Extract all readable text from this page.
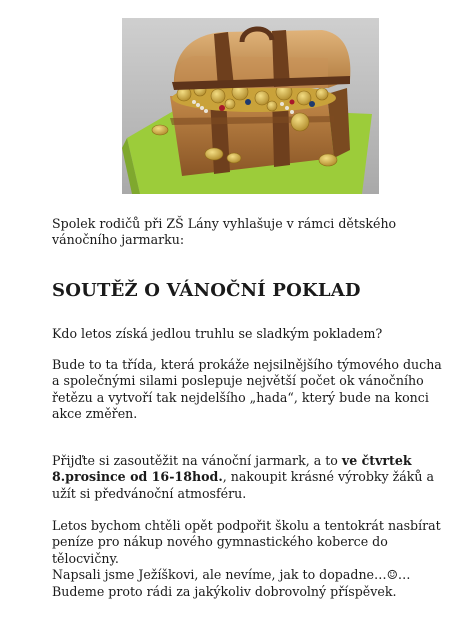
Spolek rodičů při ZŠ Lány vyhlašuje v rámci dětského vánočního jarmarku:

SOUTĚŽ O VÁNOČNÍ POKLAD

Kdo letos získá jedlou truhlu se sladkým pokladem?

Bude to ta třída, která prokáže nejsilnějšího týmového ducha a společnými silami poslepuje největší počet ok vánočního řetězu a vytvoří tak nejdelšího „hada“, který bude na konci akce změřen.

Přijďte si zasoutěžit na vánoční jarmark, a to ve čtvrtek 8.prosince od 16-18hod., nakoupit krásné výrobky žáků a užít si předvánoční atmosféru.

Letos bychom chtěli opět podpořit školu a tentokrát nasbírat peníze pro nákup nového gymnastického koberce do tělocvičny.
Napsali jsme Ježíškovi, ale nevíme, jak to dopadne…☺…
Budeme proto rádi za jakýkoliv dobrovolný příspěvek.
